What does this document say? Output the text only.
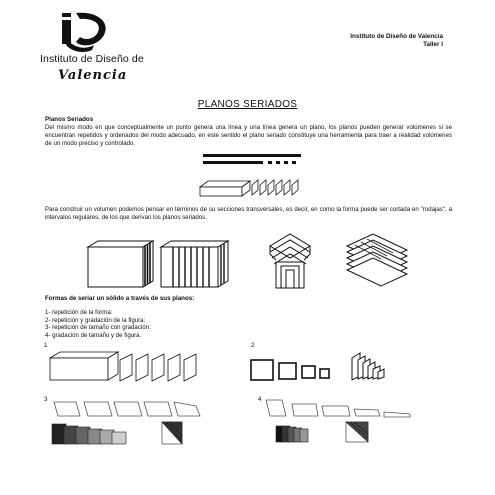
Instituto de Diseño de
Valencia
Instituto de Diseño de Valencia
Taller I
PLANOS SERIADOS
Planos Seriados
Del mismo modo en que conceptualmente un punto genera una línea y una línea genera un plano, los planos pueden generar volúmenes si se encuentran repetidos y ordenados del modo adecuado, en este sentido el plano seriado constituye una herramienta para traer a realidad volúmenes de un modo preciso y controlado.
Para construir un volumen podemos pensar en términos de su secciones transversales, es decir, en como la forma puede ser cortada en "rodajas", a intervalos regulares, de los que derivan los planos seriados.
Formas de seriar un sólido a través de sus planos:
1- repetición de la forma:
2- repetición y gradación de la figura:
3- repetición de tamaño con gradación:
4- gradación de tamaño y de figura.
1	2
3	4
